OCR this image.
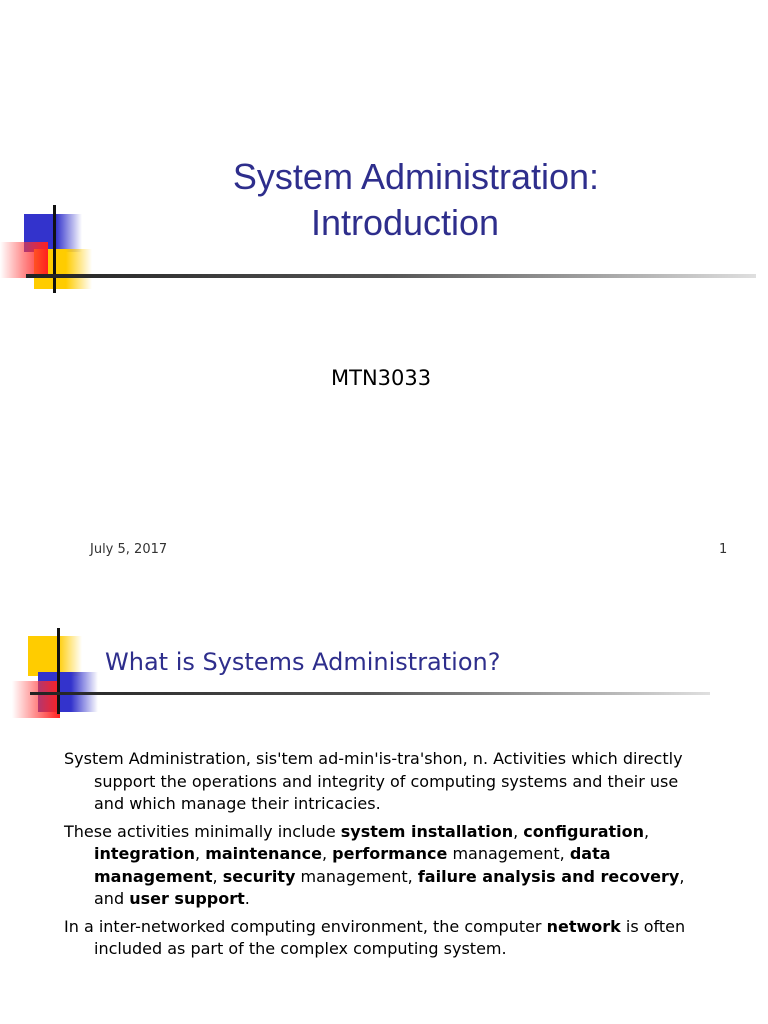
System Administration:
Introduction
MTN3033
July 5, 2017	1
What is Systems Administration?
System Administration, sis'tem ad-min'is-tra'shon, n. Activities which directly
support the operations and integrity of computing systems and their use
and which manage their intricacies.
These activities minimally include system installation, configuration,
integration, maintenance, performance management, data
management, security management, failure analysis and recovery,
and user support.
In a inter-networked computing environment, the computer network is often
included as part of the complex computing system.
